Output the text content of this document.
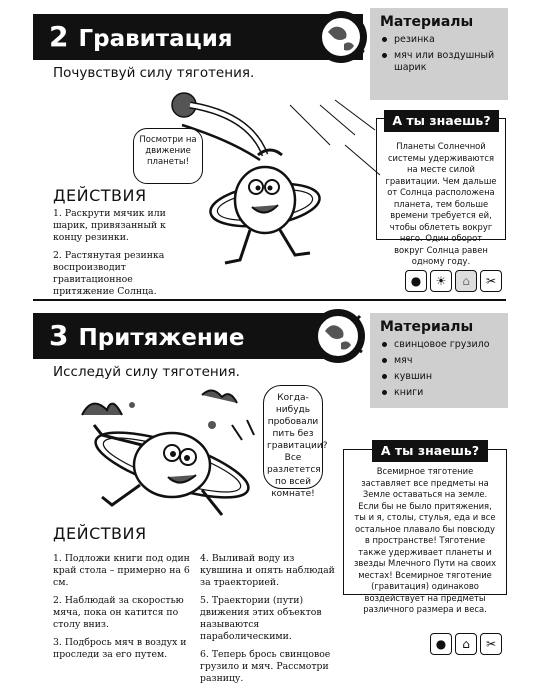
2 Гравитация
Почувствуй силу тяготения.
Материалы
резинка
мяч или воздушный шарик
Посмотри на движение планеты!
ДЕЙСТВИЯ

1. Раскрути мячик или шарик, привязанный к концу резинки.

2. Растянутая резинка воспроизводит гравитационное притяжение Солнца.

Планеты Солнечной системы удерживаются на месте силой гравитации. Чем дальше от Солнца расположена планета, тем больше времени требуется ей, чтобы облететь вокруг него. Один оборот вокруг Солнца равен одному году.
А ты знаешь?
●	☀	⌂	✂
3 Притяжение
Исследуй силу тяготения.
Материалы
свинцовое грузило
мяч
кувшин
книги
Когда-нибудь пробовали пить без гравитации? Все разлетется по всей комнате!
Всемирное тяготение заставляет все предметы на Земле оставаться на земле. Если бы не было притяжения, ты и я, столы, стулья, еда и все остальное плавало бы повсюду в пространстве! Тяготение также удерживает планеты и звезды Млечного Пути на своих местах! Всемирное тяготение (гравитация) одинаково воздействует на предметы различного размера и веса.
А ты знаешь?
ДЕЙСТВИЯ

1. Подложи книги под один край стола – примерно на 6 см.

2. Наблюдай за скоростью мяча, пока он катится по столу вниз.

3. Подбрось мяч в воздух и проследи за его путем.

4. Выливай воду из кувшина и опять наблюдай за траекторией.

5. Траектории (пути) движения этих объектов называются параболическими.

6. Теперь брось свинцовое грузило и мяч. Рассмотри разницу.

●	⌂	✂
